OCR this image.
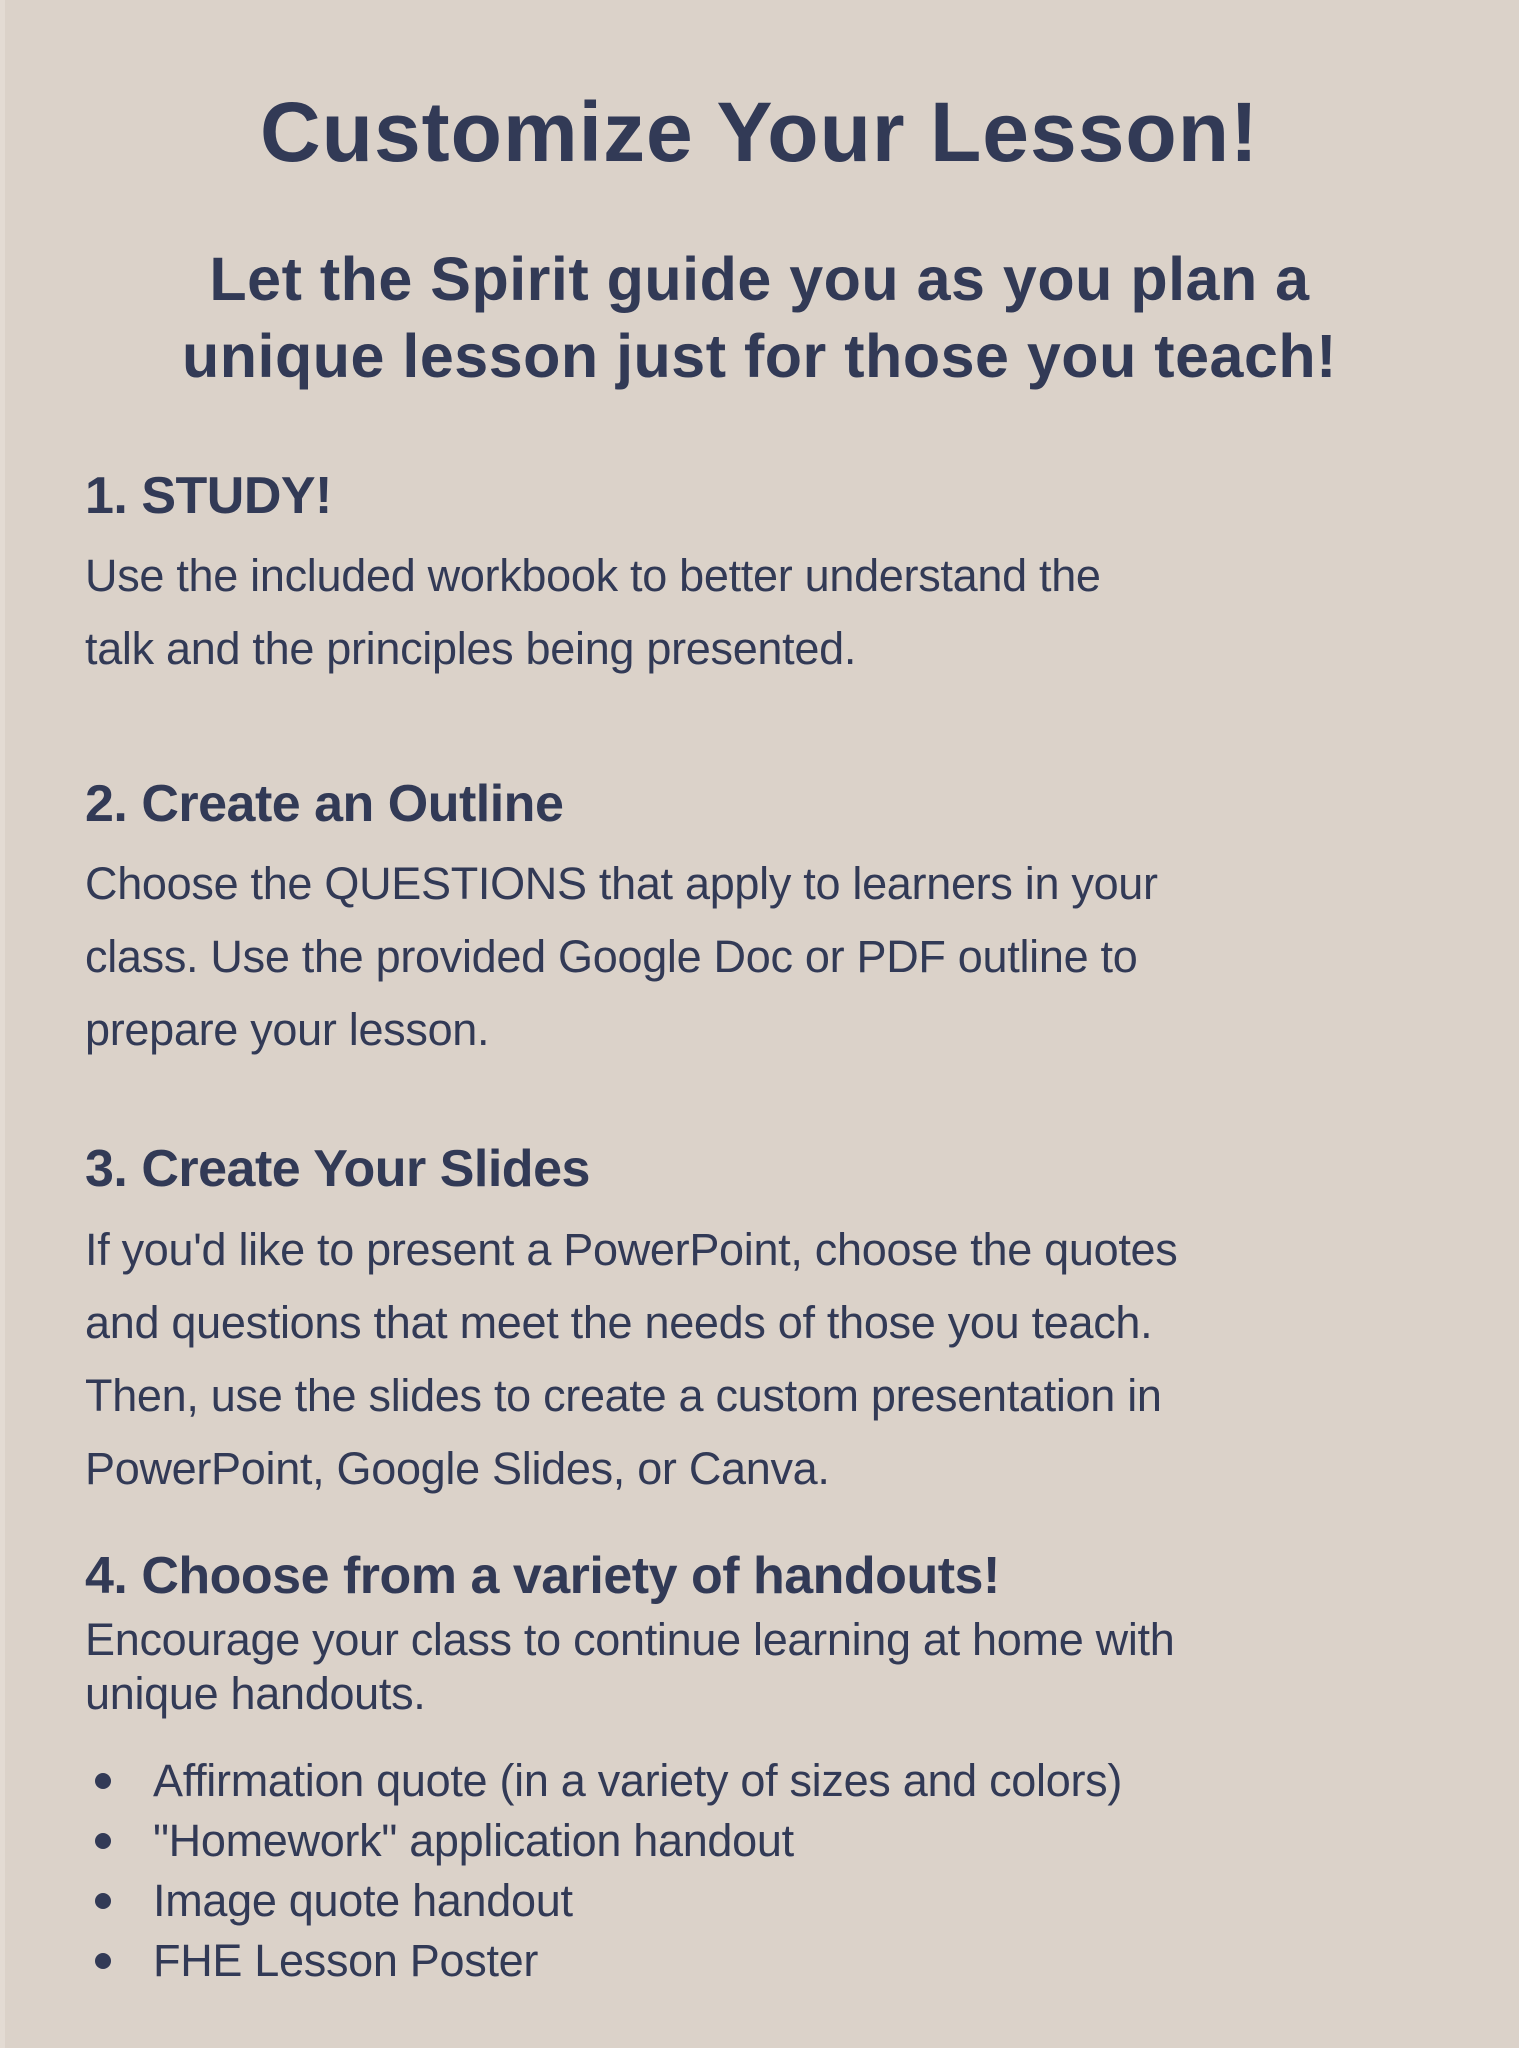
Customize Your Lesson!
Let the Spirit guide you as you plan a
unique lesson just for those you teach!
1. STUDY!
Use the included workbook to better understand the
talk and the principles being presented.
2. Create an Outline
Choose the QUESTIONS that apply to learners in your
class. Use the provided Google Doc or PDF outline to
prepare your lesson.
3. Create Your Slides
If you'd like to present a PowerPoint, choose the quotes
and questions that meet the needs of those you teach.
Then, use the slides to create a custom presentation in
PowerPoint, Google Slides, or Canva.
4. Choose from a variety of handouts!
Encourage your class to continue learning at home with
unique handouts.
Affirmation quote (in a variety of sizes and colors)
"Homework" application handout
Image quote handout
FHE Lesson Poster
